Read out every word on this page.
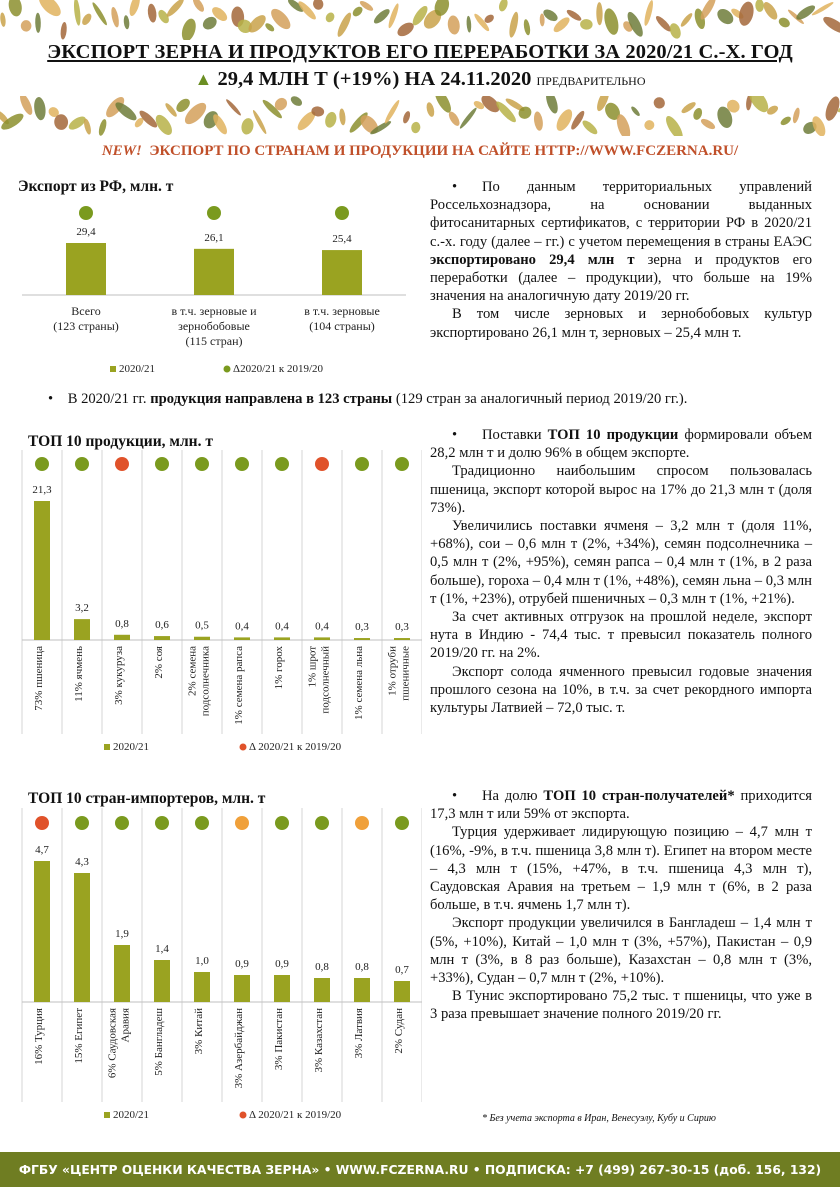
ЭКСПОРТ ЗЕРНА И ПРОДУКТОВ ЕГО ПЕРЕРАБОТКИ ЗА 2020/21 С.-Х. ГОД
▲ 29,4 МЛН Т (+19%) НА 24.11.2020 ПРЕДВАРИТЕЛЬНО
NEW! ЭКСПОРТ ПО СТРАНАМ И ПРОДУКЦИИ НА САЙТЕ HTTP://WWW.FCZERNA.RU/
Экспорт из РФ, млн. т
29,4
Всего
(123 страны)
26,1
в т.ч. зерновые и
зернобобовые
(115 стран)
25,4
в т.ч. зерновые
(104 страны)
2020/21	Δ2020/21 к 2019/20

• По данным территориальных управлений Россельхознадзора, на основании выданных фитосанитарных сертификатов, с территории РФ в 2020/21 с.-х. году (далее – гг.) с учетом перемещения в страны ЕАЭС экспортировано 29,4 млн т зерна и продуктов его переработки (далее – продукции), что больше на 19% значения на аналогичную дату 2019/20 гг.

В том числе зерновых и зернобобовых культур экспортировано 26,1 млн т, зерновых – 25,4 млн т.

• В 2020/21 гг. продукция направлена в 123 страны (129 стран за аналогичный период 2019/20 гг.).
ТОП 10 продукции, млн. т
21,3
73% пшеница
3,2
11% ячмень
0,8
3% кукуруза
0,6
2% соя
0,5
2% семена подсолнечника
0,4
1% семена рапса
0,4
1% горох
0,4
1% шрот подсолнечный
0,3
1% семена льна
0,3
1% отруби пшеничные
2020/21	Δ 2020/21 к 2019/20

• Поставки ТОП 10 продукции формировали объем 28,2 млн т и долю 96% в общем экспорте.

Традиционно наибольшим спросом пользовалась пшеница, экспорт которой вырос на 17% до 21,3 млн т (доля 73%).

Увеличились поставки ячменя – 3,2 млн т (доля 11%, +68%), сои – 0,6 млн т (2%, +34%), семян подсолнечника – 0,5 млн т (2%, +95%), семян рапса – 0,4 млн т (1%, в 2 раза больше), гороха – 0,4 млн т (1%, +48%), семян льна – 0,3 млн т (1%, +23%), отрубей пшеничных – 0,3 млн т (1%, +21%).

За счет активных отгрузок на прошлой неделе, экспорт нута в Индию - 74,4 тыс. т превысил показатель полного 2019/20 гг. на 2%.

Экспорт солода ячменного превысил годовые значения прошлого сезона на 10%, в т.ч. за счет рекордного импорта культуры Латвией – 72,0 тыс. т.

ТОП 10 стран-импортеров, млн. т
4,7
16% Турция
4,3
15% Египет
1,9
6% Саудовская Аравия
1,4
5% Бангладеш
1,0
3% Китай
0,9
3% Азербайджан
0,9
3% Пакистан
0,8
3% Казахстан
0,8
3% Латвия
0,7
2% Судан
2020/21	Δ 2020/21 к 2019/20

• На долю ТОП 10 стран-получателей* приходится 17,3 млн т или 59% от экспорта.

Турция удерживает лидирующую позицию – 4,7 млн т (16%, -9%, в т.ч. пшеница 3,8 млн т). Египет на втором месте – 4,3 млн т (15%, +47%, в т.ч. пшеница 4,3 млн т), Саудовская Аравия на третьем – 1,9 млн т (6%, в 2 раза больше, в т.ч. ячмень 1,7 млн т).

Экспорт продукции увеличился в Бангладеш – 1,4 млн т (5%, +10%), Китай – 1,0 млн т (3%, +57%), Пакистан – 0,9 млн т (3%, в 8 раз больше), Казахстан – 0,8 млн т (3%, +33%), Судан – 0,7 млн т (2%, +10%).

В Тунис экспортировано 75,2 тыс. т пшеницы, что уже в 3 раза превышает значение полного 2019/20 гг.

* Без учета экспорта в Иран, Венесуэлу, Кубу и Сирию
ФГБУ «ЦЕНТР ОЦЕНКИ КАЧЕСТВА ЗЕРНА» • WWW.FCZERNA.RU • ПОДПИСКА: +7 (499) 267-30-15 (доб. 156, 132)
